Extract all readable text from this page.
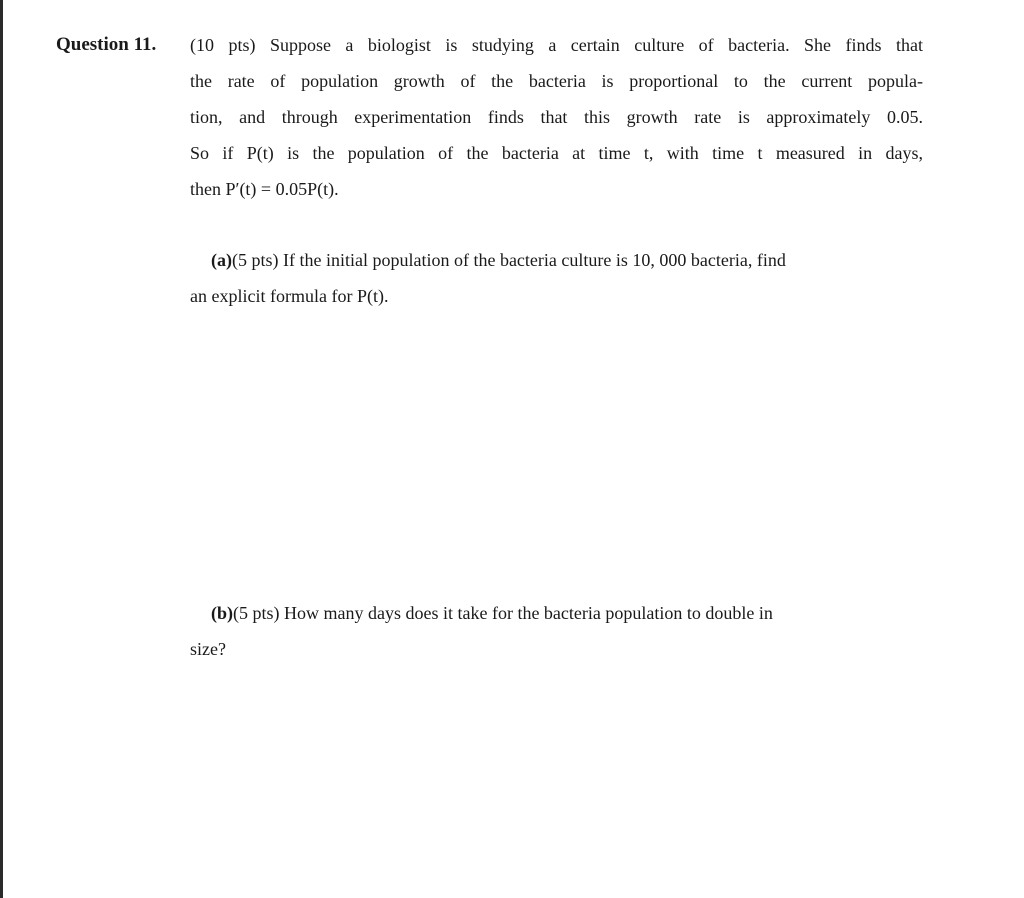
Question 11. (10 pts) Suppose a biologist is studying a certain culture of bacteria. She finds that
the rate of population growth of the bacteria is proportional to the current popula-
tion, and through experimentation finds that this growth rate is approximately 0.05.
So if P(t) is the population of the bacteria at time t, with time t measured in days,
then P′(t) = 0.05P(t).
(a)(5 pts) If the initial population of the bacteria culture is 10, 000 bacteria, find
an explicit formula for P(t).
(b)(5 pts) How many days does it take for the bacteria population to double in
size?
